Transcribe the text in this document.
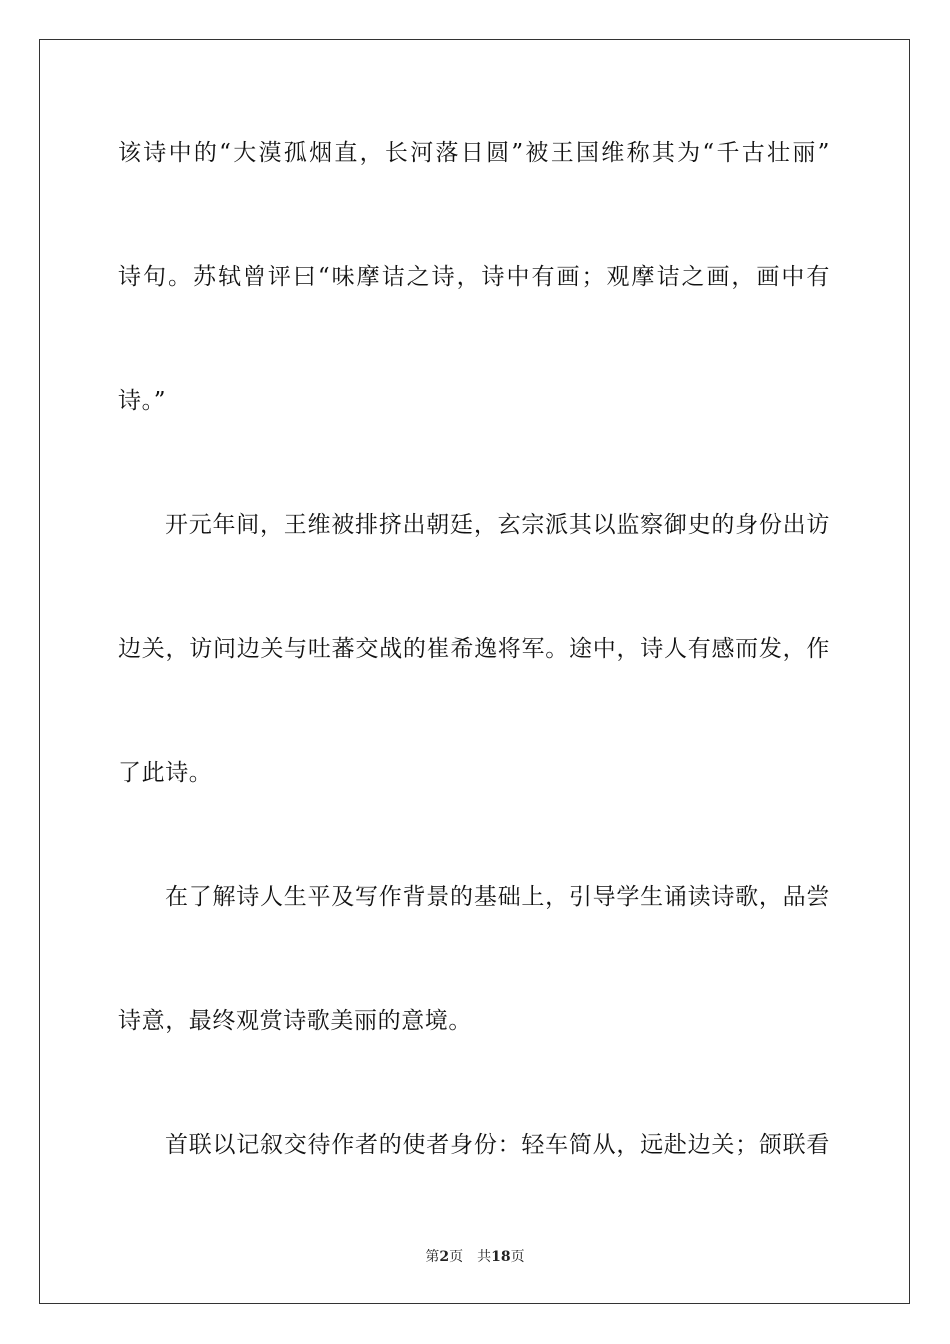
该诗中的“大漠孤烟直，长河落日圆”被王国维称其为“千古壮丽”
诗句。苏轼曾评曰“味摩诘之诗，诗中有画；观摩诘之画，画中有
诗。”
开元年间，王维被排挤出朝廷，玄宗派其以监察御史的身份出访
边关，访问边关与吐蕃交战的崔希逸将军。途中，诗人有感而发，作
了此诗。
在了解诗人生平及写作背景的基础上，引导学生诵读诗歌，品尝
诗意，最终观赏诗歌美丽的意境。
首联以记叙交待作者的使者身份：轻车简从，远赴边关；颌联看
第2页 共18页
